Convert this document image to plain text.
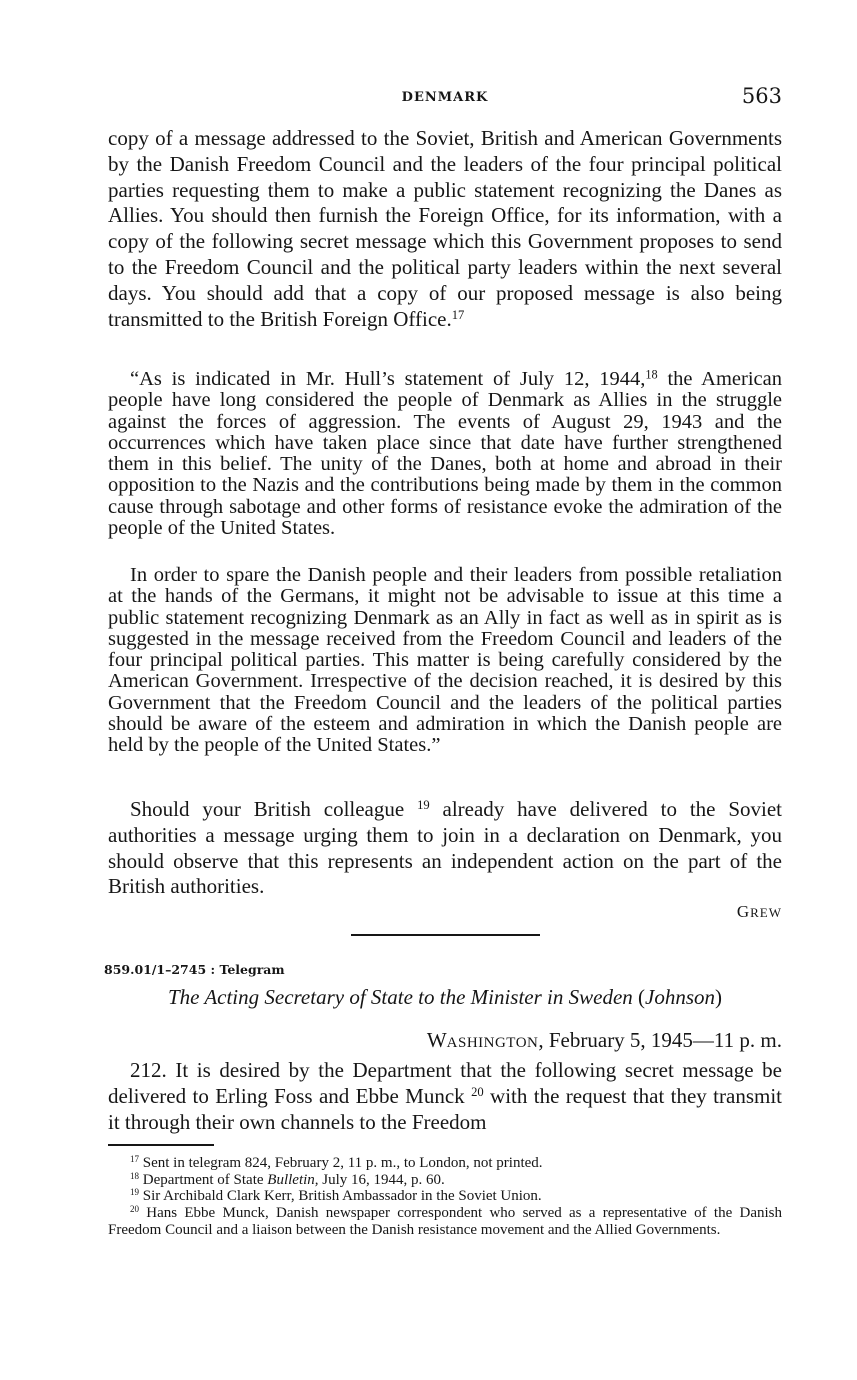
DENMARK	563

copy of a message addressed to the Soviet, British and American Governments by the Danish Freedom Council and the leaders of the four principal political parties requesting them to make a public statement recognizing the Danes as Allies. You should then furnish the Foreign Office, for its information, with a copy of the following secret message which this Government proposes to send to the Freedom Council and the political party leaders within the next several days. You should add that a copy of our proposed message is also being transmitted to the British Foreign Office.$^{17}$

“As is indicated in Mr. Hull’s statement of July 12, 1944,18 the American people have long considered the people of Denmark as Allies in the struggle against the forces of aggression. The events of August 29, 1943 and the occurrences which have taken place since that date have further strengthened them in this belief. The unity of the Danes, both at home and abroad in their opposition to the Nazis and the contributions being made by them in the common cause through sabotage and other forms of resistance evoke the admiration of the people of the United States.

In order to spare the Danish people and their leaders from possible retaliation at the hands of the Germans, it might not be advisable to issue at this time a public statement recognizing Denmark as an Ally in fact as well as in spirit as is suggested in the message received from the Freedom Council and leaders of the four principal political parties. This matter is being carefully considered by the American Government. Irrespective of the decision reached, it is desired by this Government that the Freedom Council and the leaders of the political parties should be aware of the esteem and admiration in which the Danish people are held by the people of the United States.”

Should your British colleague $^{19}$ already have delivered to the Soviet authorities a message urging them to join in a declaration on Denmark, you should observe that this represents an independent action on the part of the British authorities.

GREW
859.01/1–2745 : Telegram
The Acting Secretary of State to the Minister in Sweden (Johnson)
WASHINGTON, February 5, 1945—11 p. m.

212. It is desired by the Department that the following secret message be delivered to Erling Foss and Ebbe Munck $^{20}$ with the request that they transmit it through their own channels to the Freedom

$^{17}$ Sent in telegram 824, February 2, 11 p. m., to London, not printed.

$^{18}$ Department of State Bulletin, July 16, 1944, p. 60.

$^{19}$ Sir Archibald Clark Kerr, British Ambassador in the Soviet Union.

$^{20}$ Hans Ebbe Munck, Danish newspaper correspondent who served as a representative of the Danish Freedom Council and a liaison between the Danish resistance movement and the Allied Governments.
